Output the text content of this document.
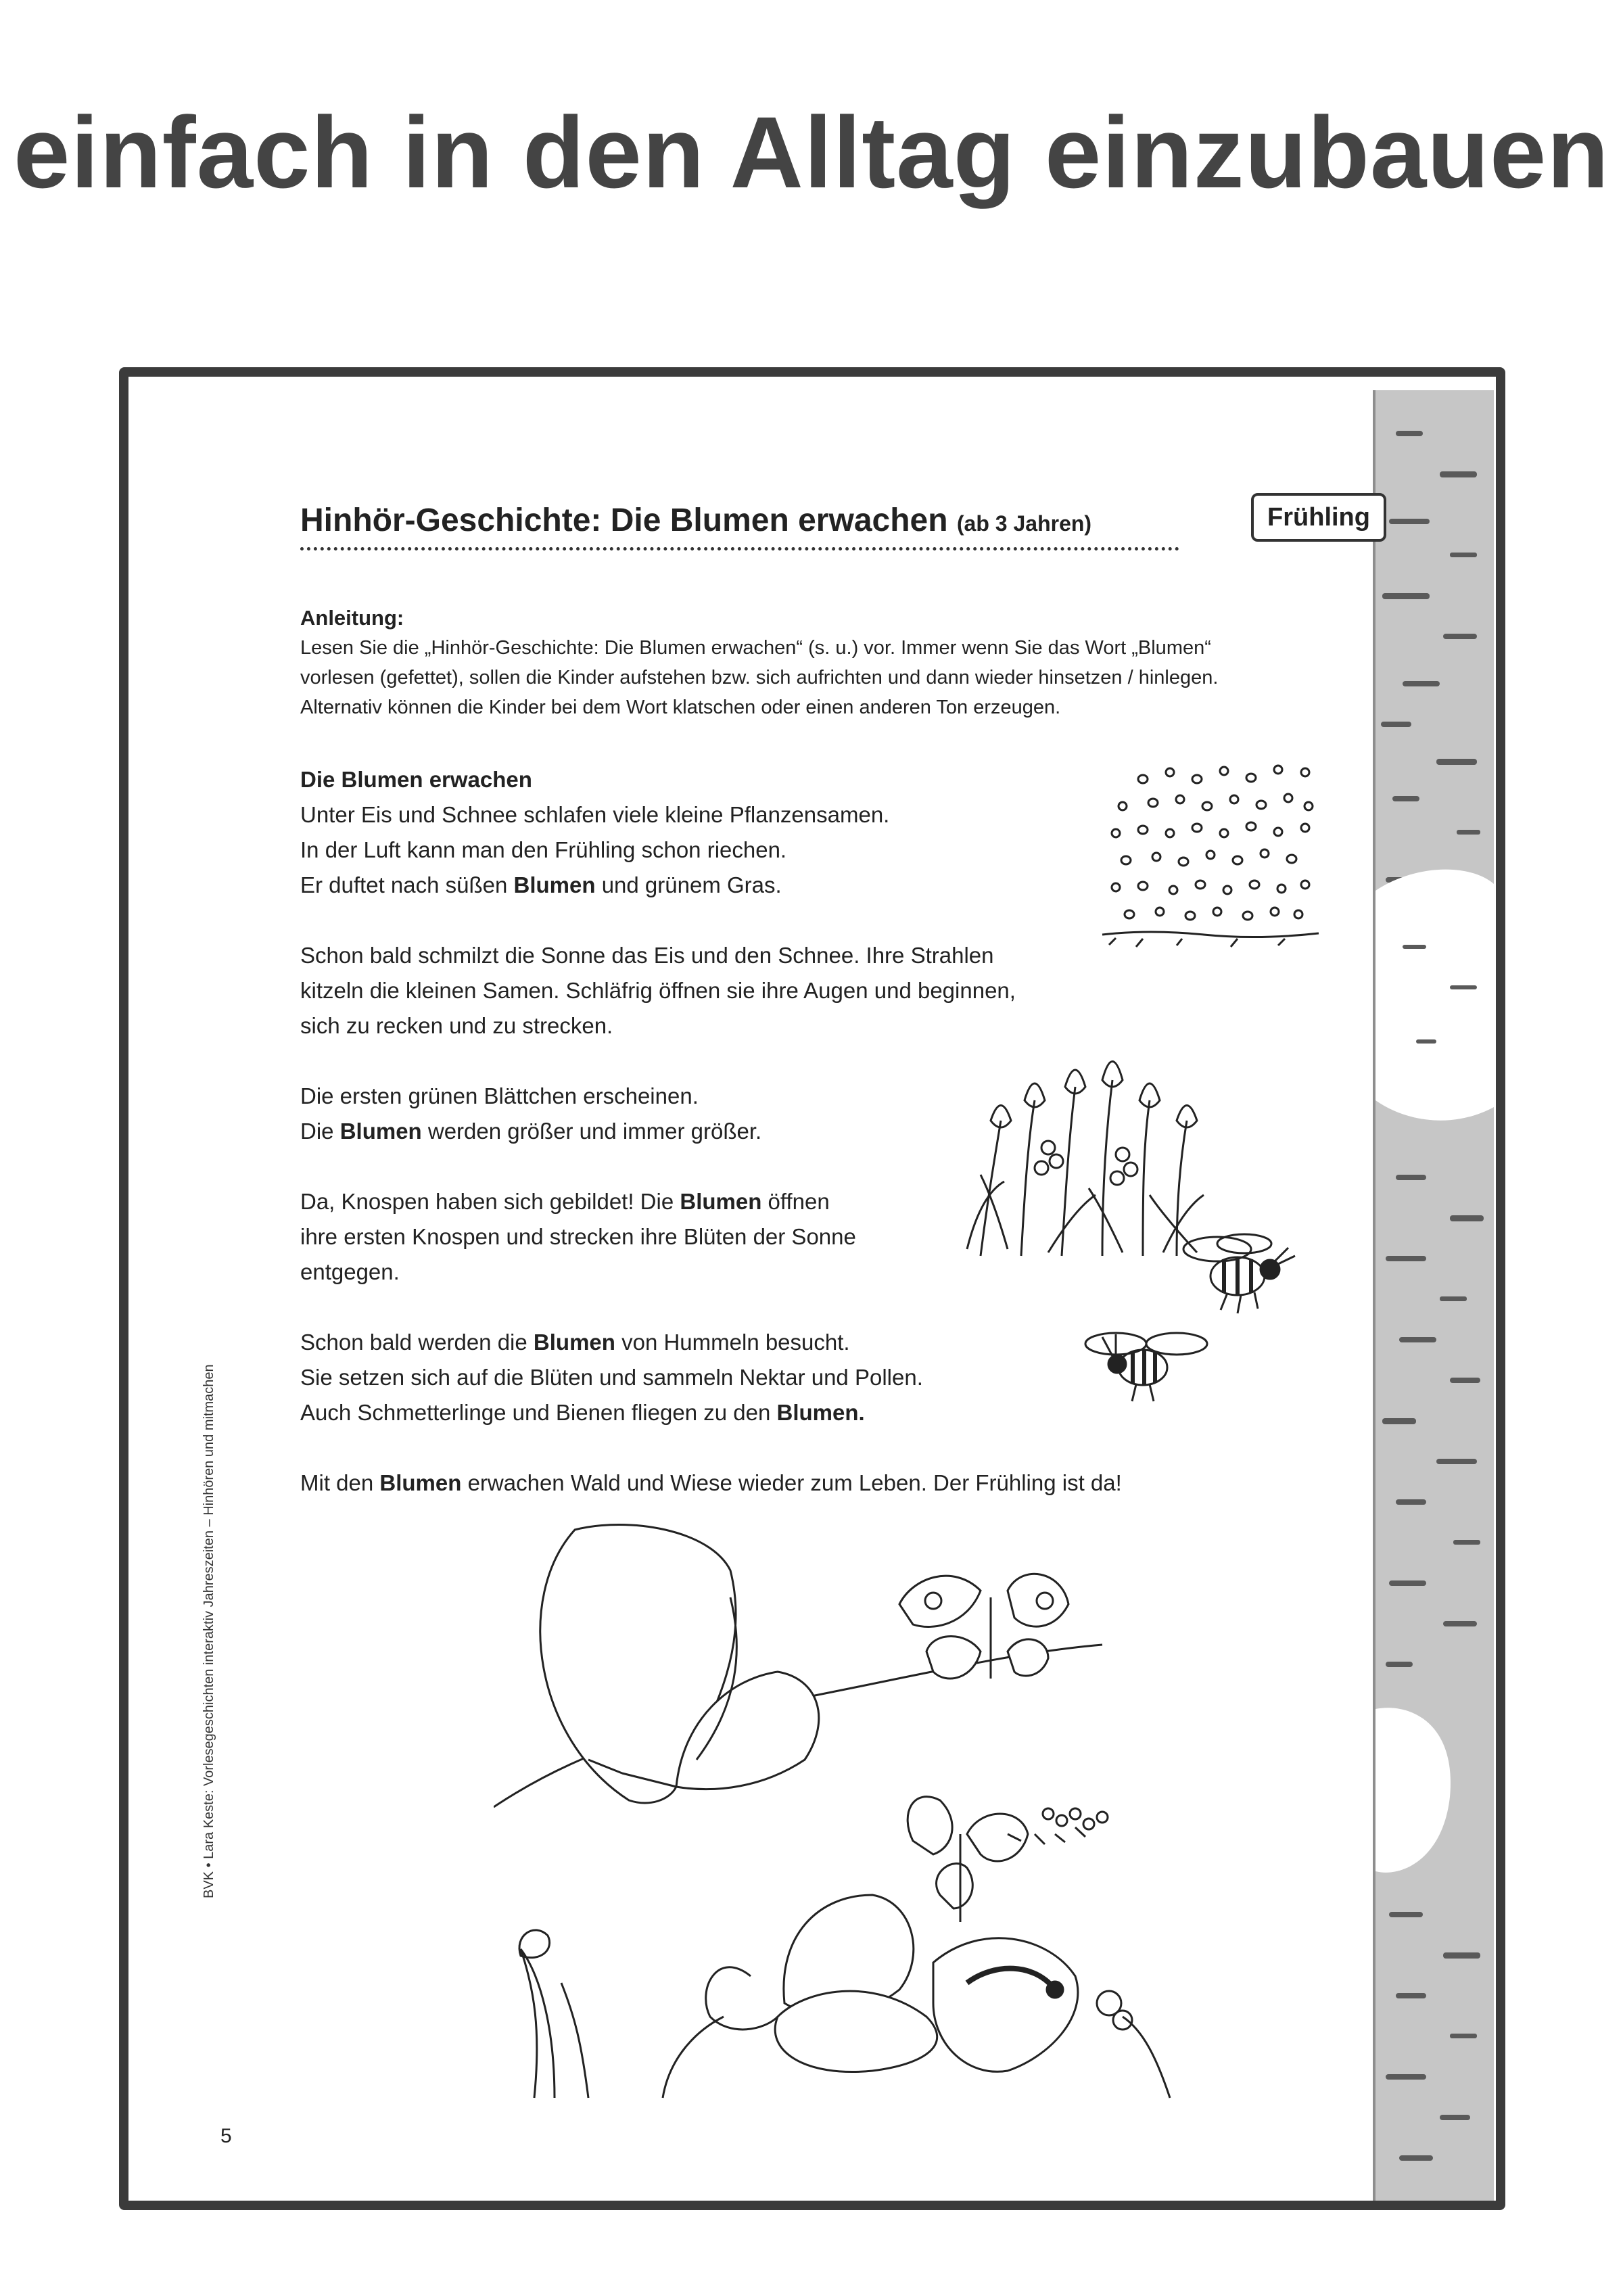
einfach in den Alltag einzubauen
Hinhör-Geschichte: Die Blumen erwachen (ab 3 Jahren)	Frühling
Anleitung:
Lesen Sie die „Hinhör-Geschichte: Die Blumen erwachen“ (s. u.) vor. Immer wenn Sie das Wort „Blumen“
vorlesen (gefettet), sollen die Kinder aufstehen bzw. sich aufrichten und dann wieder hinsetzen / hinlegen.
Alternativ können die Kinder bei dem Wort klatschen oder einen anderen Ton erzeugen.
Die Blumen erwachen

Unter Eis und Schnee schlafen viele kleine Pflanzensamen.
In der Luft kann man den Frühling schon riechen.
Er duftet nach süßen Blumen und grünem Gras.

Schon bald schmilzt die Sonne das Eis und den Schnee. Ihre Strahlen
kitzeln die kleinen Samen. Schläfrig öffnen sie ihre Augen und beginnen,
sich zu recken und zu strecken.

Die ersten grünen Blättchen erscheinen.
Die Blumen werden größer und immer größer.

Da, Knospen haben sich gebildet! Die Blumen öffnen
ihre ersten Knospen und strecken ihre Blüten der Sonne
entgegen.

Schon bald werden die Blumen von Hummeln besucht.
Sie setzen sich auf die Blüten und sammeln Nektar und Pollen.
Auch Schmetterlinge und Bienen fliegen zu den Blumen.

Mit den Blumen erwachen Wald und Wiese wieder zum Leben. Der Frühling ist da!

BVK • Lara Keste: Vorlesegeschichten interaktiv Jahreszeiten – Hinhören und mitmachen
5
